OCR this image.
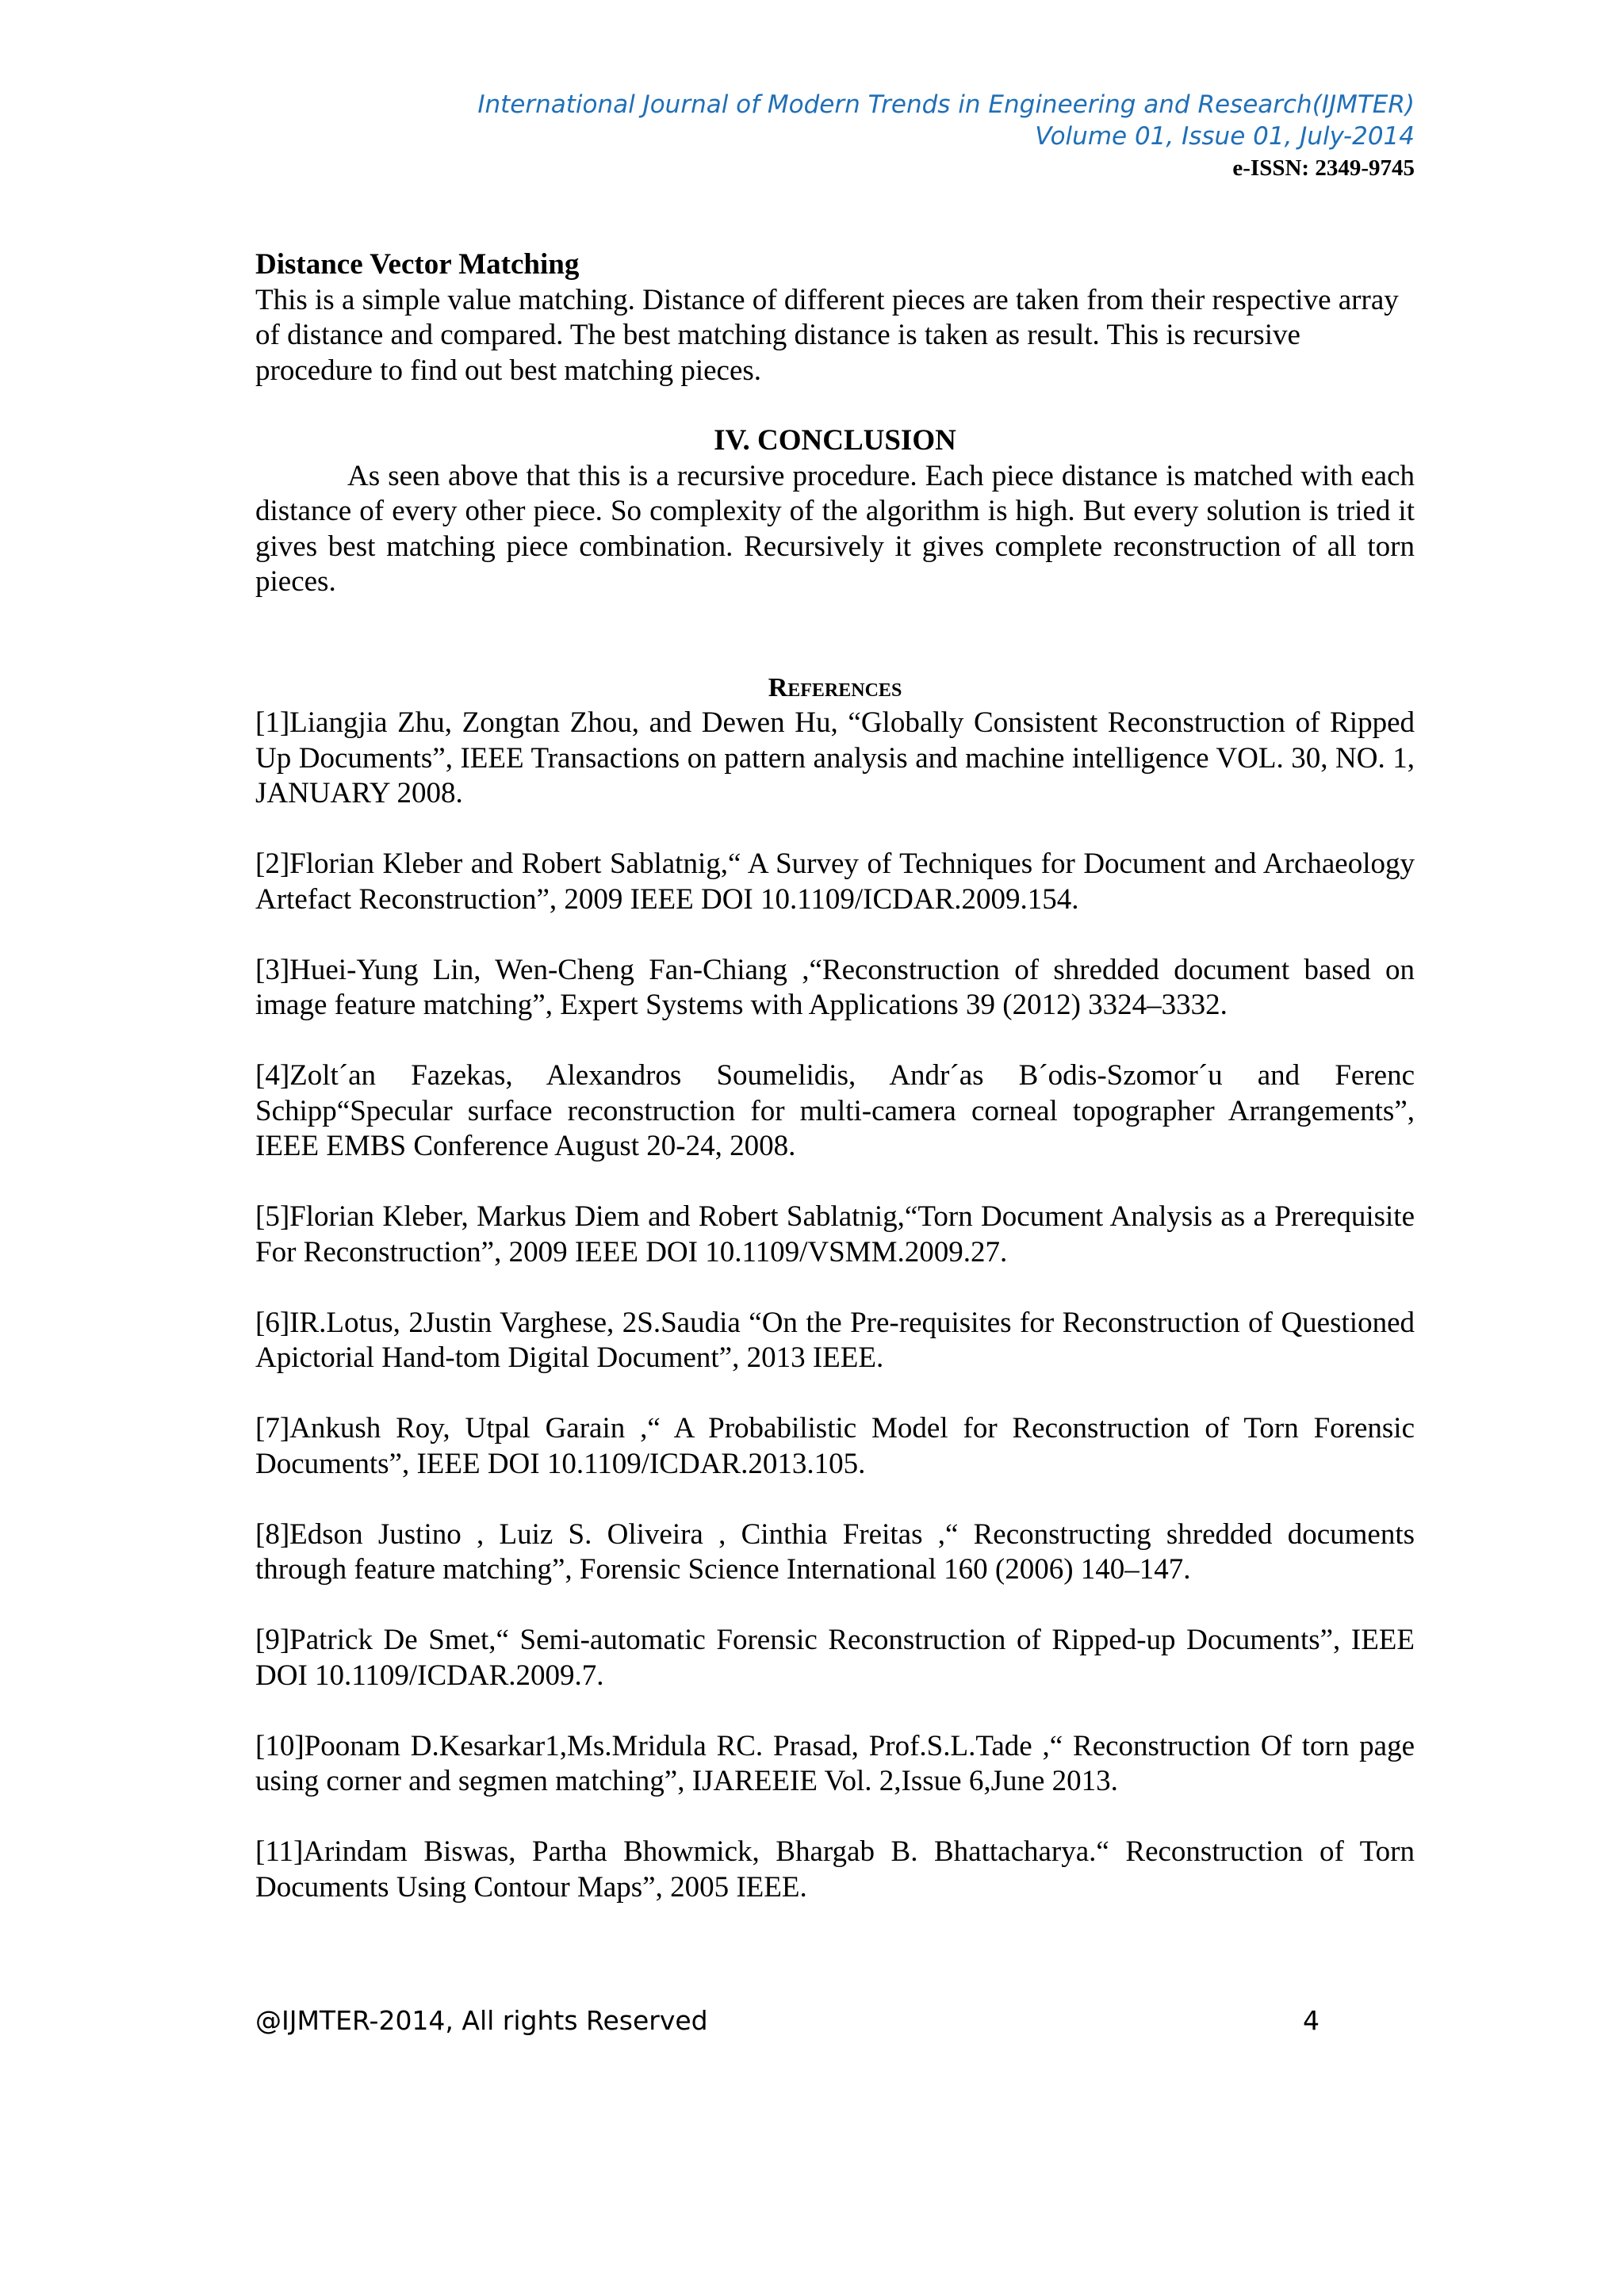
International Journal of Modern Trends in Engineering and Research(IJMTER)
Volume 01, Issue 01, July-2014
e-ISSN: 2349-9745
Distance Vector Matching

This is a simple value matching. Distance of different pieces are taken from their respective array of distance and compared. The best matching distance is taken as result. This is recursive procedure to find out best matching pieces.

IV. CONCLUSION

As seen above that this is a recursive procedure. Each piece distance is matched with each distance of every other piece. So complexity of the algorithm is high. But every solution is tried it gives best matching piece combination. Recursively it gives complete reconstruction of all torn pieces.

References

[1]Liangjia Zhu, Zongtan Zhou, and Dewen Hu, “Globally Consistent Reconstruction of Ripped Up Documents”, IEEE Transactions on pattern analysis and machine intelligence VOL. 30, NO. 1, JANUARY 2008.

[2]Florian Kleber and Robert Sablatnig,“ A Survey of Techniques for Document and Archaeology Artefact Reconstruction”, 2009 IEEE DOI 10.1109/ICDAR.2009.154.

[3]Huei-Yung Lin, Wen-Cheng Fan-Chiang ,“Reconstruction of shredded document based on image feature matching”, Expert Systems with Applications 39 (2012) 3324–3332.

[4]Zolt´an Fazekas, Alexandros Soumelidis, Andr´as B´odis-Szomor´u and Ferenc Schipp“Specular surface reconstruction for multi-camera corneal topographer Arrangements”, IEEE EMBS Conference August 20-24, 2008.

[5]Florian Kleber, Markus Diem and Robert Sablatnig,“Torn Document Analysis as a Prerequisite For Reconstruction”, 2009 IEEE DOI 10.1109/VSMM.2009.27.

[6]IR.Lotus, 2Justin Varghese, 2S.Saudia “On the Pre-requisites for Reconstruction of Questioned Apictorial Hand-tom Digital Document”, 2013 IEEE.

[7]Ankush Roy, Utpal Garain ,“ A Probabilistic Model for Reconstruction of Torn Forensic Documents”, IEEE DOI 10.1109/ICDAR.2013.105.

[8]Edson Justino , Luiz S. Oliveira , Cinthia Freitas ,“ Reconstructing shredded documents through feature matching”, Forensic Science International 160 (2006) 140–147.

[9]Patrick De Smet,“ Semi-automatic Forensic Reconstruction of Ripped-up Documents”, IEEE DOI 10.1109/ICDAR.2009.7.

[10]Poonam D.Kesarkar1,Ms.Mridula RC. Prasad, Prof.S.L.Tade ,“ Reconstruction Of torn page using corner and segmen matching”, IJAREEIE Vol. 2,Issue 6,June 2013.

[11]Arindam Biswas, Partha Bhowmick, Bhargab B. Bhattacharya.“ Reconstruction of Torn Documents Using Contour Maps”, 2005 IEEE.

@IJMTER-2014, All rights Reserved	4
